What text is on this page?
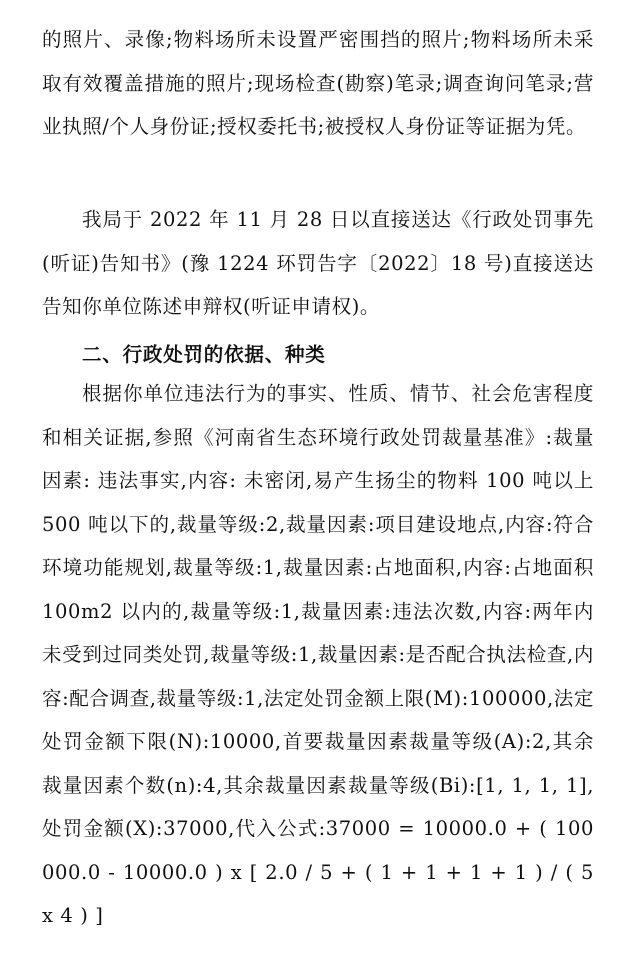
的照片、录像;物料场所未设置严密围挡的照片;物料场所未采取有效覆盖措施的照片;现场检查(勘察)笔录;调查询问笔录;营业执照/个人身份证;授权委托书;被授权人身份证等证据为凭。

我局于 2022 年 11 月 28 日以直接送达《行政处罚事先(听证)告知书》(豫 1224 环罚告字〔2022〕18 号)直接送达告知你单位陈述申辩权(听证申请权)。

二、行政处罚的依据、种类

根据你单位违法行为的事实、性质、情节、社会危害程度和相关证据,参照《河南省生态环境行政处罚裁量基准》:裁量因素: 违法事实,内容: 未密闭,易产生扬尘的物料 100 吨以上 500 吨以下的,裁量等级:2,裁量因素:项目建设地点,内容:符合环境功能规划,裁量等级:1,裁量因素:占地面积,内容:占地面积 100m2 以内的,裁量等级:1,裁量因素:违法次数,内容:两年内未受到过同类处罚,裁量等级:1,裁量因素:是否配合执法检查,内容:配合调查,裁量等级:1,法定处罚金额上限(M):100000,法定处罚金额下限(N):10000,首要裁量因素裁量等级(A):2,其余裁量因素个数(n):4,其余裁量因素裁量等级(Bi):[1, 1, 1, 1],处罚金额(X):37000,代入公式:37000 = 10000.0 + ( 100000.0 - 10000.0 ) x [ 2.0 / 5 + ( 1 + 1 + 1 + 1 ) / ( 5 x 4 ) ]
